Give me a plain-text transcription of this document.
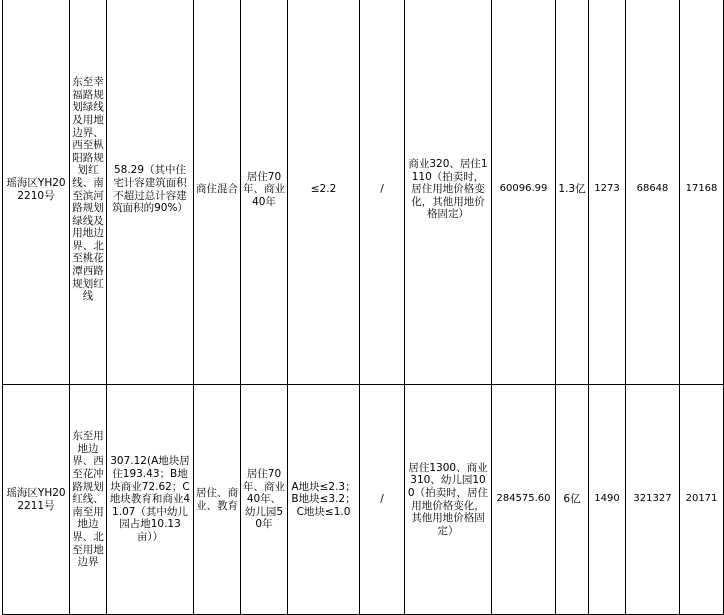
瑶海区YH202210号	东至幸福路规划绿线及用地边界、西至枞阳路规划红线、南至滨河路规划绿线及用地边界、北至桃花潭西路规划红线	58.29（其中住宅计容建筑面积不超过总计容建筑面积的90%）	商住混合	居住70年、商业40年	≤2.2	/	商业320、居住1110（拍卖时，居住用地价格变化，其他用地价格固定）	60096.99	1.3亿	1273	68648	17168
瑶海区YH202211号	东至用地边界、西至花冲路规划红线、南至用地边界、北至用地边界	307.12(A地块居住193.43；B地块商业72.62；C地块教育和商业41.07（其中幼儿园占地10.13亩））	居住、商业、教育	居住70年、商业40年、幼儿园50年	A地块≤2.3；B地块≤3.2；C地块≤1.0	/	居住1300、商业310、幼儿园100（拍卖时，居住用地价格变化，其他用地价格固定）	284575.60	6亿	1490	321327	20171
